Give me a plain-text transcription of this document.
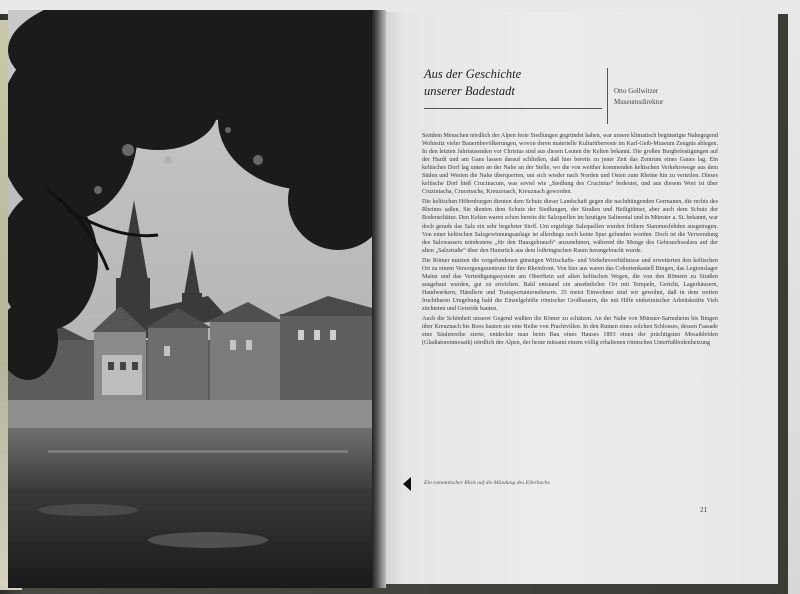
Aus der Geschichte
unserer Badestadt	Otto Gollwitzer
Museumsdirektor

Seitdem Menschen nördlich der Alpen feste Siedlungen gegründet haben, war unsere klimatisch begünstigte Nahegegend Wohnsitz vieler Bauernbevölkerungen, wovon deren materielle Kulturüberreste im Karl-Geib-Museum Zeugnis ablegen. In den letzten Jahrtausenden vor Christus sind aus diesen Leuten die Kelten bekannt. Die großen Burgbefestigungen auf der Hardt und am Gans lassen darauf schließen, daß hier bereits zu jener Zeit das Zentrum eines Gaues lag. Ein keltisches Dorf lag unten an der Nahe an der Stelle, wo die von weither kommenden keltischen Verkehrswege aus dem Süden und Westen die Nahe überquerten, um sich wieder nach Norden und Osten zum Rheine hin zu verteilen. Dieses keltische Dorf hieß Crucinacum, was soviel wie „Siedlung des Crucinius“ bedeutet, und aus diesem Wort ist über Cruziniacha, Crucenache, Kreuzenach, Kreuznach geworden.

Die keltischen Höhenburgen dienten dem Schutz dieser Landschaft gegen die nachdrängenden Germanen, die rechts des Rheines saßen. Sie dienten dem Schutz der Siedlungen, der Straßen und Heiligtümer, aber auch dem Schutz der Bodenschätze. Den Kelten waren schon bereits die Salzquellen im heutigen Salinental und in Münster a. St. bekannt, war doch gerade das Salz ein sehr begehrter Stoff. Um ergiebige Salzquellen wurden frühere Stammesfehden ausgetragen. Von einer keltischen Salzgewinnungsanlage ist allerdings noch keine Spur gefunden worden. Doch ist die Verwendung des Salzwassers mindestens „für den Hausgebrauch“ anzunehmen, während die Menge des Gebrauchssalzes auf der alten „Salzstraße“ über den Hunsrück aus dem lothringischen Raum herangebracht wurde.

Die Römer nutzten die vorgefundenen günstigen Wirtschafts- und Verkehrsverhältnisse und erweiterten den keltischen Ort zu einem Versorgungszentrum für ihre Rheinfront. Von hier aus waren das Cohortenkastell Bingen, das Legionslager Mainz und das Verteidigungssystem am Oberrhein auf alten keltischen Wegen, die von den Römern zu Straßen ausgebaut wurden, gut zu erreichen. Bald entstand ein ansehnlicher Ort mit Tempeln, Gericht, Lagerhäusern, Handwerkern, Händlern und Transportunternehmern. 35 meist Einwohner sind wir gewohnt, daß in dem weiten fruchtbaren Umgebung bald die Einzelgehöfte römischer Großbauern, die mit Hilfe einheimischer Arbeitskräfte Vieh züchteten und Getreide bauten.

Auch die Schönheit unserer Gegend wußten die Römer zu schätzen. An der Nahe von Münster-Sarmsheim bis Bingen über Kreuznach bis Boos bauten sie eine Reihe von Prachtvillen. In den Ruinen eines solchen Schlosses, dessen Fassade eine Säulenreihe zierte, entdeckte man beim Bau eines Hauses 1893 einen der prächtigsten Mosaikböden (Gladiatorenmosaik) nördlich der Alpen, der heute mitsamt einem völlig erhaltenen römischen Unterfußbodenheizung

Ein romantischer Blick auf die Mündung des Ellerbachs
21
